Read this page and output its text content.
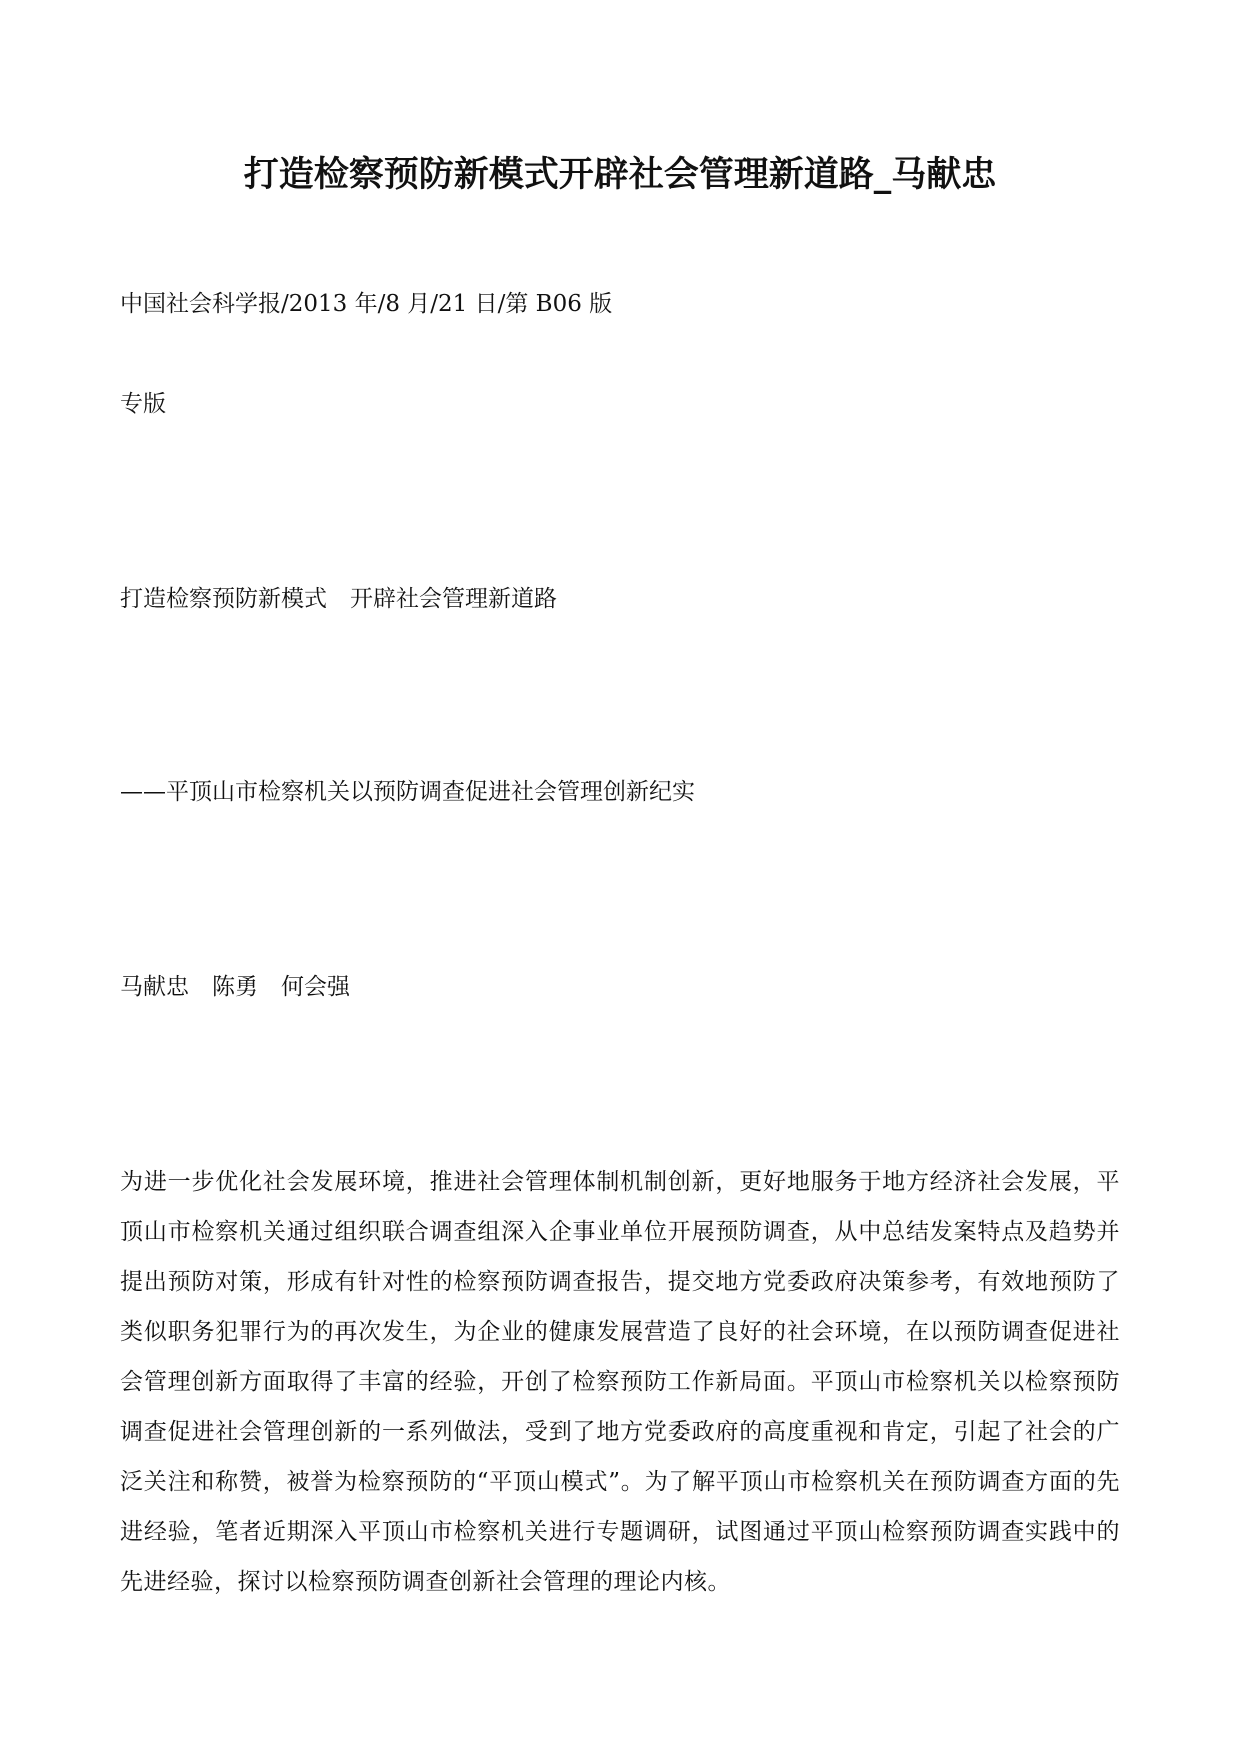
打造检察预防新模式开辟社会管理新道路_马献忠
中国社会科学报/2013 年/8 月/21 日/第 B06 版
专版
打造检察预防新模式　开辟社会管理新道路
——平顶山市检察机关以预防调查促进社会管理创新纪实
马献忠　陈勇　何会强
为进一步优化社会发展环境，推进社会管理体制机制创新，更好地服务于地方经济社会发展，平顶山市检察机关通过组织联合调查组深入企事业单位开展预防调查，从中总结发案特点及趋势并提出预防对策，形成有针对性的检察预防调查报告，提交地方党委政府决策参考，有效地预防了类似职务犯罪行为的再次发生，为企业的健康发展营造了良好的社会环境，在以预防调查促进社会管理创新方面取得了丰富的经验，开创了检察预防工作新局面。平顶山市检察机关以检察预防调查促进社会管理创新的一系列做法，受到了地方党委政府的高度重视和肯定，引起了社会的广泛关注和称赞，被誉为检察预防的“平顶山模式”。为了解平顶山市检察机关在预防调查方面的先进经验，笔者近期深入平顶山市检察机关进行专题调研，试图通过平顶山检察预防调查实践中的先进经验，探讨以检察预防调查创新社会管理的理论内核。
